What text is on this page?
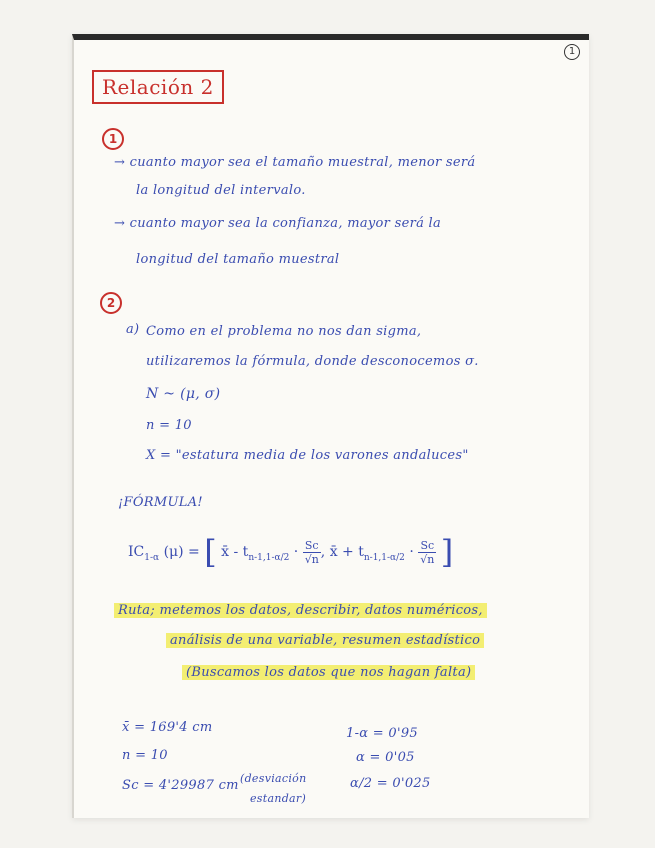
1
Relación 2
1
→ cuanto mayor sea el tamaño muestral, menor será
la longitud del intervalo.
→ cuanto mayor sea la confianza, mayor será la
longitud del tamaño muestral
2
a) Como en el problema no nos dan sigma,
utilizaremos la fórmula, donde desconocemos σ.
N ~ (μ, σ)
n = 10
X = "estatura media de los varones andaluces"
¡FÓRMULA!
$IC_{1-\alpha}$ (μ) = [ x̄ - $t_{n-1,1-\alpha/2} \cdot \frac{Sc}{√n}$ , x̄ + $t_{n-1,1-\alpha/2} \cdot \frac{Sc}{√n}$ ]
Ruta; metemos los datos, describir, datos numéricos,
análisis de una variable, resumen estadístico
(Buscamos los datos que nos hagan falta)
x̄ = 169'4 cm
n = 10
Sc = 4'29987 cm (desviación
estandar)
1-α = 0'95
α = 0'05
α/2 = 0'025
